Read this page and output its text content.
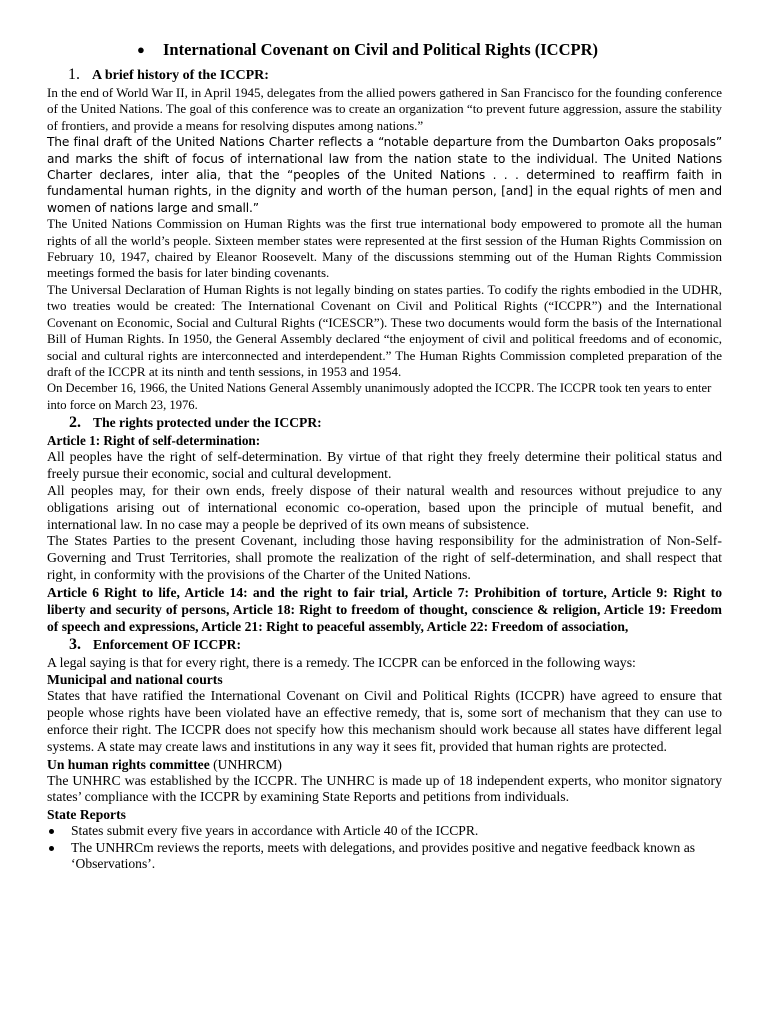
●	International Covenant on Civil and Political Rights (ICCPR)
1. A brief history of the ICCPR:

In the end of World War II, in April 1945, delegates from the allied powers gathered in San Francisco for the founding conference of the United Nations. The goal of this conference was to create an organization “to prevent future aggression, assure the stability of frontiers, and provide a means for resolving disputes among nations.”

The final draft of the United Nations Charter reflects a “notable departure from the Dumbarton Oaks proposals” and marks the shift of focus of international law from the nation state to the individual. The United Nations Charter declares, inter alia, that the “peoples of the United Nations . . . determined to reaffirm faith in fundamental human rights, in the dignity and worth of the human person, [and] in the equal rights of men and women of nations large and small.”

The United Nations Commission on Human Rights was the first true international body empowered to promote all the human rights of all the world’s people. Sixteen member states were represented at the first session of the Human Rights Commission on February 10, 1947, chaired by Eleanor Roosevelt. Many of the discussions stemming out of the Human Rights Commission meetings formed the basis for later binding covenants.

The Universal Declaration of Human Rights is not legally binding on states parties. To codify the rights embodied in the UDHR, two treaties would be created: The International Covenant on Civil and Political Rights (“ICCPR”) and the International Covenant on Economic, Social and Cultural Rights (“ICESCR”). These two documents would form the basis of the International Bill of Human Rights. In 1950, the General Assembly declared “the enjoyment of civil and political freedoms and of economic, social and cultural rights are interconnected and interdependent.” The Human Rights Commission completed preparation of the draft of the ICCPR at its ninth and tenth sessions, in 1953 and 1954.

On December 16, 1966, the United Nations General Assembly unanimously adopted the ICCPR. The ICCPR took ten years to enter into force on March 23, 1976.

2. The rights protected under the ICCPR:
Article 1: Right of self-determination:

All peoples have the right of self-determination. By virtue of that right they freely determine their political status and freely pursue their economic, social and cultural development.

All peoples may, for their own ends, freely dispose of their natural wealth and resources without prejudice to any obligations arising out of international economic co-operation, based upon the principle of mutual benefit, and international law. In no case may a people be deprived of its own means of subsistence.

The States Parties to the present Covenant, including those having responsibility for the administration of Non-Self-Governing and Trust Territories, shall promote the realization of the right of self-determination, and shall respect that right, in conformity with the provisions of the Charter of the United Nations.

Article 6 Right to life, Article 14: and the right to fair trial, Article 7: Prohibition of torture, Article 9: Right to liberty and security of persons, Article 18: Right to freedom of thought, conscience & religion, Article 19: Freedom of speech and expressions, Article 21: Right to peaceful assembly, Article 22: Freedom of association,

3. Enforcement OF ICCPR:

A legal saying is that for every right, there is a remedy. The ICCPR can be enforced in the following ways:

Municipal and national courts

States that have ratified the International Covenant on Civil and Political Rights (ICCPR) have agreed to ensure that people whose rights have been violated have an effective remedy, that is, some sort of mechanism that they can use to enforce their right. The ICCPR does not specify how this mechanism should work because all states have different legal systems. A state may create laws and institutions in any way it sees fit, provided that human rights are protected.

Un human rights committee (UNHRCM)

The UNHRC was established by the ICCPR. The UNHRC is made up of 18 independent experts, who monitor signatory states’ compliance with the ICCPR by examining State Reports and petitions from individuals.

State Reports
States submit every five years in accordance with Article 40 of the ICCPR.
The UNHRCm reviews the reports, meets with delegations, and provides positive and negative feedback known as ‘Observations’.
